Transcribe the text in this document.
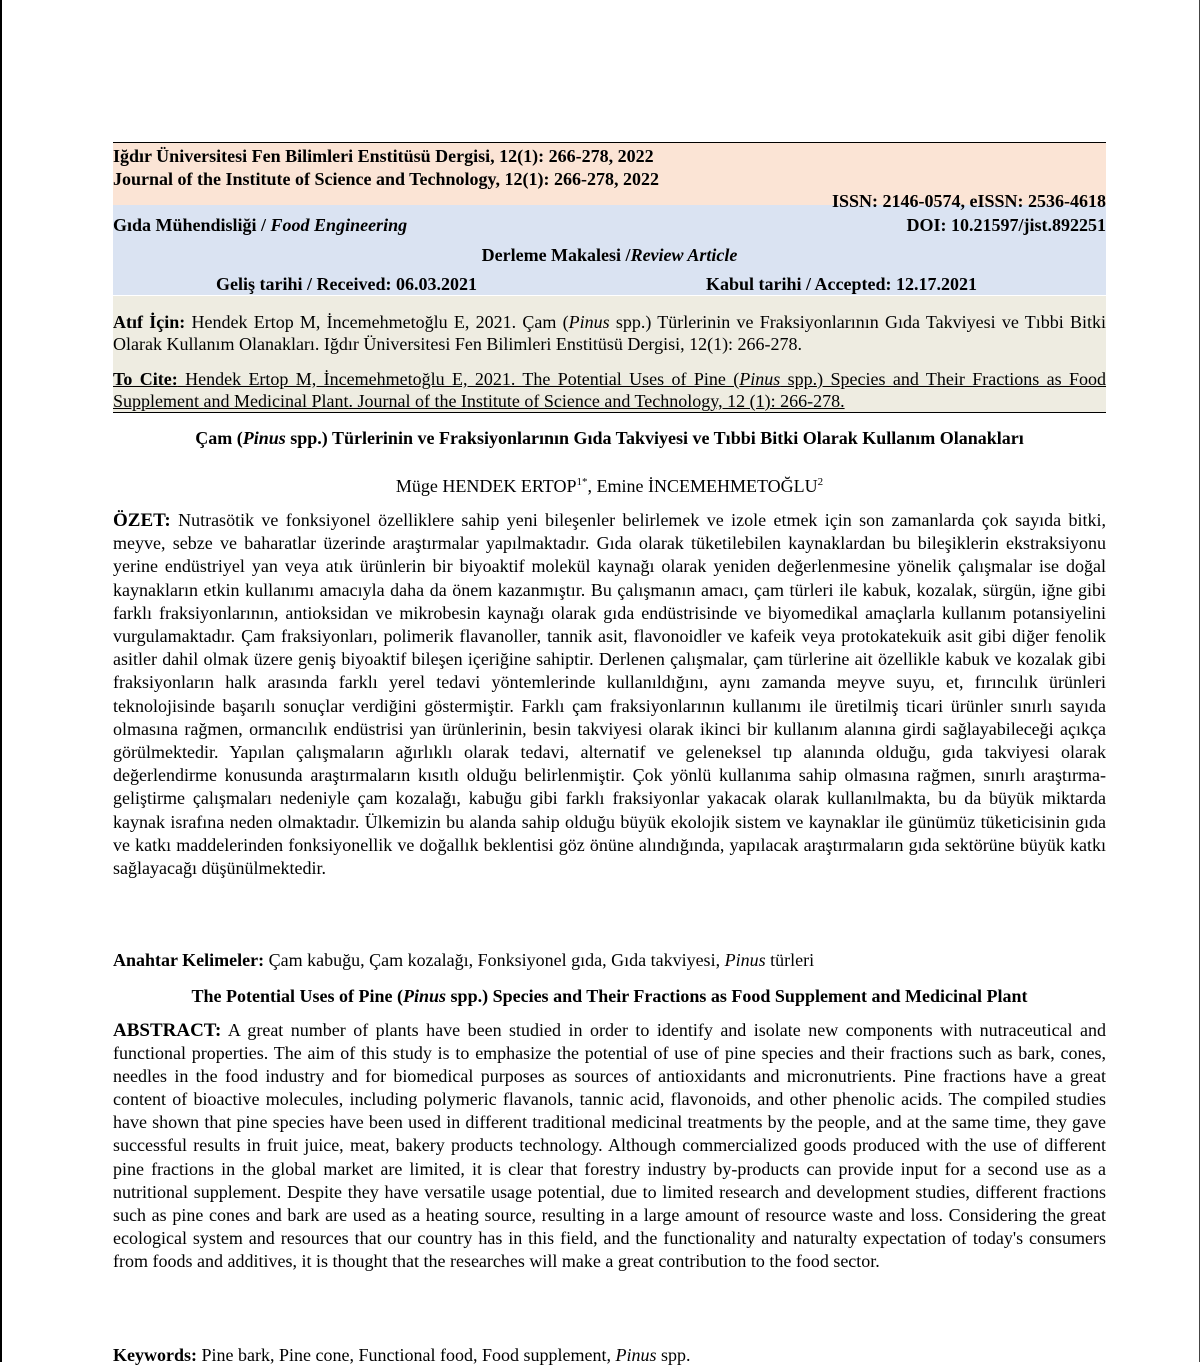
Iğdır Üniversitesi Fen Bilimleri Enstitüsü Dergisi, 12(1): 266-278, 2022
Journal of the Institute of Science and Technology, 12(1): 266-278, 2022
ISSN: 2146-0574, eISSN: 2536-4618
Gıda Mühendisliği / Food Engineering	DOI: 10.21597/jist.892251
Derleme Makalesi /Review Article
Geliş tarihi / Received: 06.03.2021	Kabul tarihi / Accepted: 12.17.2021
Atıf İçin: Hendek Ertop M, İncemehmetoğlu E, 2021. Çam (Pinus spp.) Türlerinin ve Fraksiyonlarının Gıda Takviyesi ve Tıbbi Bitki Olarak Kullanım Olanakları. Iğdır Üniversitesi Fen Bilimleri Enstitüsü Dergisi, 12(1): 266-278.
To Cite: Hendek Ertop M, İncemehmetoğlu E, 2021. The Potential Uses of Pine (Pinus spp.) Species and Their Fractions as Food Supplement and Medicinal Plant. Journal of the Institute of Science and Technology, 12 (1): 266-278.
Çam (Pinus spp.) Türlerinin ve Fraksiyonlarının Gıda Takviyesi ve Tıbbi Bitki Olarak Kullanım Olanakları
Müge HENDEK $ERTOP^{1*}$, Emine İNCEMEHMETOĞLU$^2$
ÖZET: Nutrasötik ve fonksiyonel özelliklere sahip yeni bileşenler belirlemek ve izole etmek için son zamanlarda çok sayıda bitki, meyve, sebze ve baharatlar üzerinde araştırmalar yapılmaktadır. Gıda olarak tüketilebilen kaynaklardan bu bileşiklerin ekstraksiyonu yerine endüstriyel yan veya atık ürünlerin bir biyoaktif molekül kaynağı olarak yeniden değerlenmesine yönelik çalışmalar ise doğal kaynakların etkin kullanımı amacıyla daha da önem kazanmıştır. Bu çalışmanın amacı, çam türleri ile kabuk, kozalak, sürgün, iğne gibi farklı fraksiyonlarının, antioksidan ve mikrobesin kaynağı olarak gıda endüstrisinde ve biyomedikal amaçlarla kullanım potansiyelini vurgulamaktadır. Çam fraksiyonları, polimerik flavanoller, tannik asit, flavonoidler ve kafeik veya protokatekuik asit gibi diğer fenolik asitler dahil olmak üzere geniş biyoaktif bileşen içeriğine sahiptir. Derlenen çalışmalar, çam türlerine ait özellikle kabuk ve kozalak gibi fraksiyonların halk arasında farklı yerel tedavi yöntemlerinde kullanıldığını, aynı zamanda meyve suyu, et, fırıncılık ürünleri teknolojisinde başarılı sonuçlar verdiğini göstermiştir. Farklı çam fraksiyonlarının kullanımı ile üretilmiş ticari ürünler sınırlı sayıda olmasına rağmen, ormancılık endüstrisi yan ürünlerinin, besin takviyesi olarak ikinci bir kullanım alanına girdi sağlayabileceği açıkça görülmektedir. Yapılan çalışmaların ağırlıklı olarak tedavi, alternatif ve geleneksel tıp alanında olduğu, gıda takviyesi olarak değerlendirme konusunda araştırmaların kısıtlı olduğu belirlenmiştir. Çok yönlü kullanıma sahip olmasına rağmen, sınırlı araştırma-geliştirme çalışmaları nedeniyle çam kozalağı, kabuğu gibi farklı fraksiyonlar yakacak olarak kullanılmakta, bu da büyük miktarda kaynak israfına neden olmaktadır. Ülkemizin bu alanda sahip olduğu büyük ekolojik sistem ve kaynaklar ile günümüz tüketicisinin gıda ve katkı maddelerinden fonksiyonellik ve doğallık beklentisi göz önüne alındığında, yapılacak araştırmaların gıda sektörüne büyük katkı sağlayacağı düşünülmektedir.
Anahtar Kelimeler: Çam kabuğu, Çam kozalağı, Fonksiyonel gıda, Gıda takviyesi, Pinus türleri
The Potential Uses of Pine (Pinus spp.) Species and Their Fractions as Food Supplement and Medicinal Plant
ABSTRACT: A great number of plants have been studied in order to identify and isolate new components with nutraceutical and functional properties. The aim of this study is to emphasize the potential of use of pine species and their fractions such as bark, cones, needles in the food industry and for biomedical purposes as sources of antioxidants and micronutrients. Pine fractions have a great content of bioactive molecules, including polymeric flavanols, tannic acid, flavonoids, and other phenolic acids. The compiled studies have shown that pine species have been used in different traditional medicinal treatments by the people, and at the same time, they gave successful results in fruit juice, meat, bakery products technology. Although commercialized goods produced with the use of different pine fractions in the global market are limited, it is clear that forestry industry by-products can provide input for a second use as a nutritional supplement. Despite they have versatile usage potential, due to limited research and development studies, different fractions such as pine cones and bark are used as a heating source, resulting in a large amount of resource waste and loss. Considering the great ecological system and resources that our country has in this field, and the functionality and naturalty expectation of today's consumers from foods and additives, it is thought that the researches will make a great contribution to the food sector.
Keywords: Pine bark, Pine cone, Functional food, Food supplement, Pinus spp.
